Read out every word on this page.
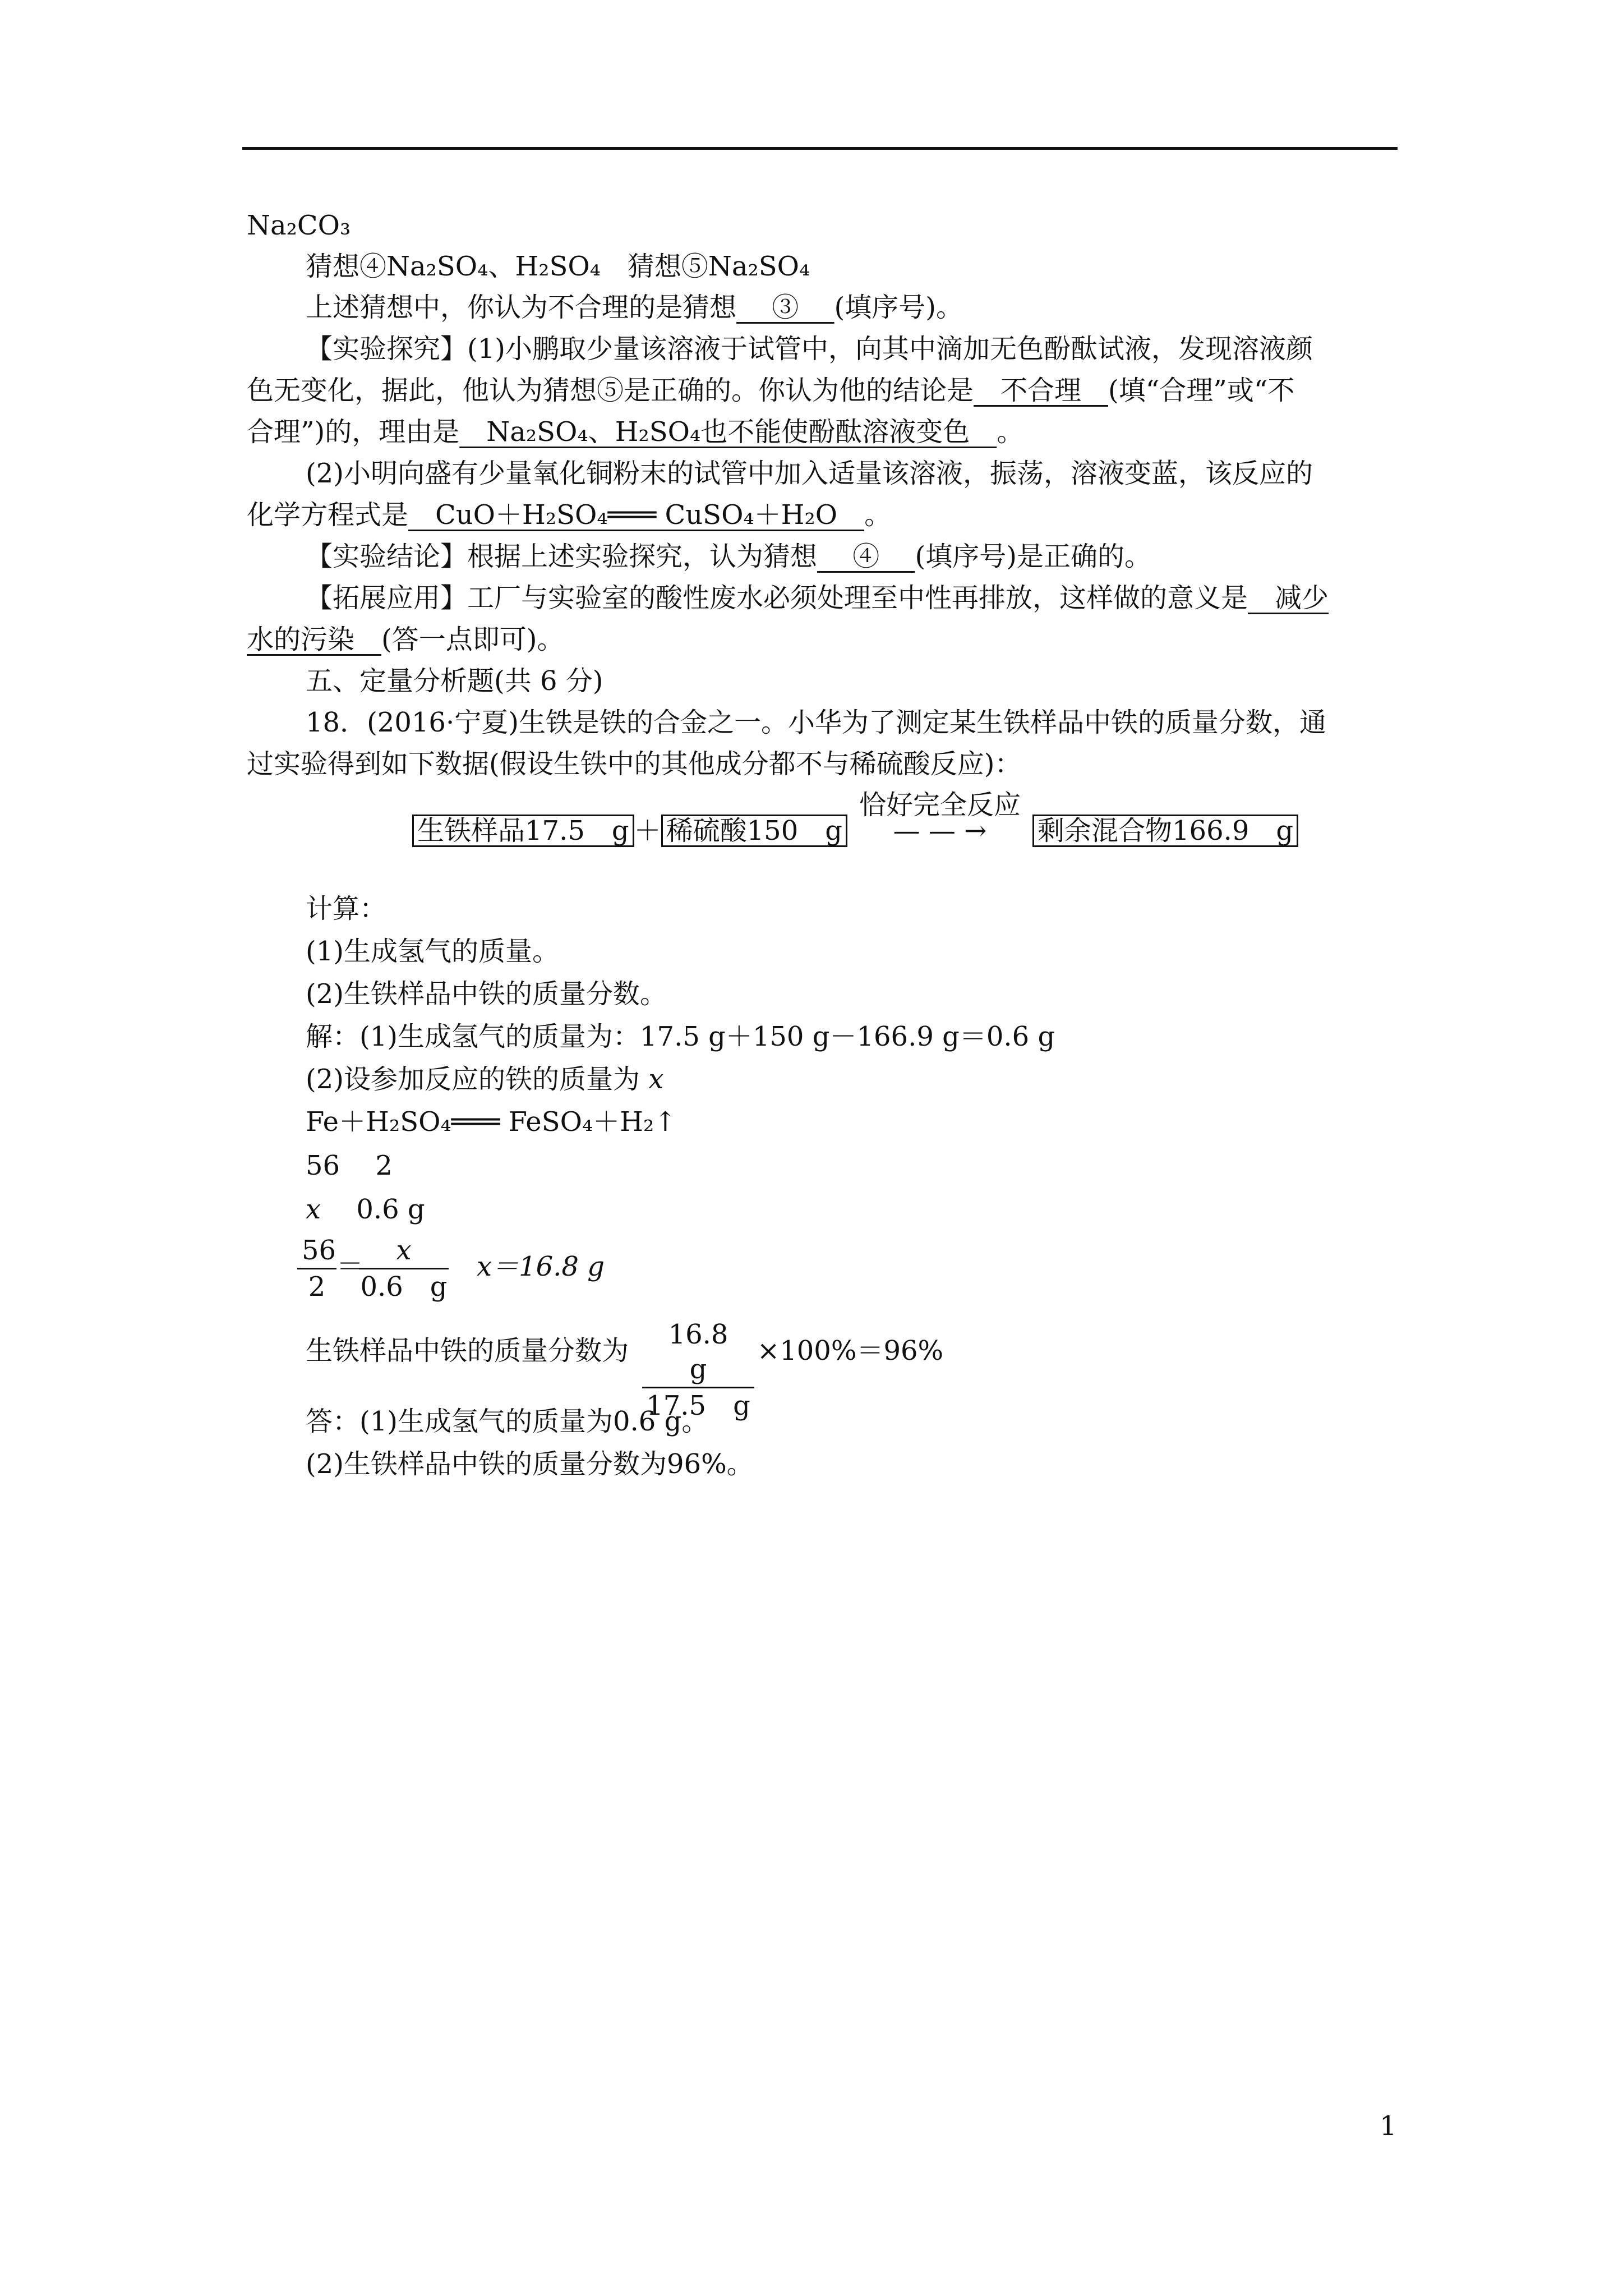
Na₂CO₃
猜想④Na₂SO₄、H₂SO₄　猜想⑤Na₂SO₄
上述猜想中，你认为不合理的是猜想　 ③ 　(填序号)。
【实验探究】(1)小鹏取少量该溶液于试管中，向其中滴加无色酚酞试液，发现溶液颜
色无变化，据此，他认为猜想⑤是正确的。你认为他的结论是　不合理　(填“合理”或“不
合理”)的，理由是　Na₂SO₄、H₂SO₄也不能使酚酞溶液变色　。
(2)小明向盛有少量氧化铜粉末的试管中加入适量该溶液，振荡，溶液变蓝，该反应的
化学方程式是　CuO＋H₂SO₄═══ CuSO₄＋H₂O　。
【实验结论】根据上述实验探究，认为猜想　 ④ 　(填序号)是正确的。
【拓展应用】工厂与实验室的酸性废水必须处理至中性再排放，这样做的意义是　减少
水的污染　 (答一点即可)。
五、定量分析题(共 6 分)
18．(2016·宁夏)生铁是铁的合金之一。小华为了测定某生铁样品中铁的质量分数，通
过实验得到如下数据(假设生铁中的其他成分都不与稀硫酸反应)：
生铁样品17.5　g ＋ 稀硫酸150　g
恰好完全反应
— — → 剩余混合物166.9　g
计算：
(1)生成氢气的质量。
(2)生铁样品中铁的质量分数。
解：(1)生成氢气的质量为：17.5 g＋150 g－166.9 g＝0.6 g
(2)设参加反应的铁的质量为 x
Fe＋H₂SO₄═══ FeSO₄＋H₂↑
56　 2
x　 0.6 g
$\frac{56}{2}$ ＝
$\frac{x}{0.6 g} x=16.8$ g
生铁样品中铁的质量分数为 $\frac{16.8 g}{17.5 g} \times 100\%=96\%$
答：(1)生成氢气的质量为0.6 g。
(2)生铁样品中铁的质量分数为96%。
1
